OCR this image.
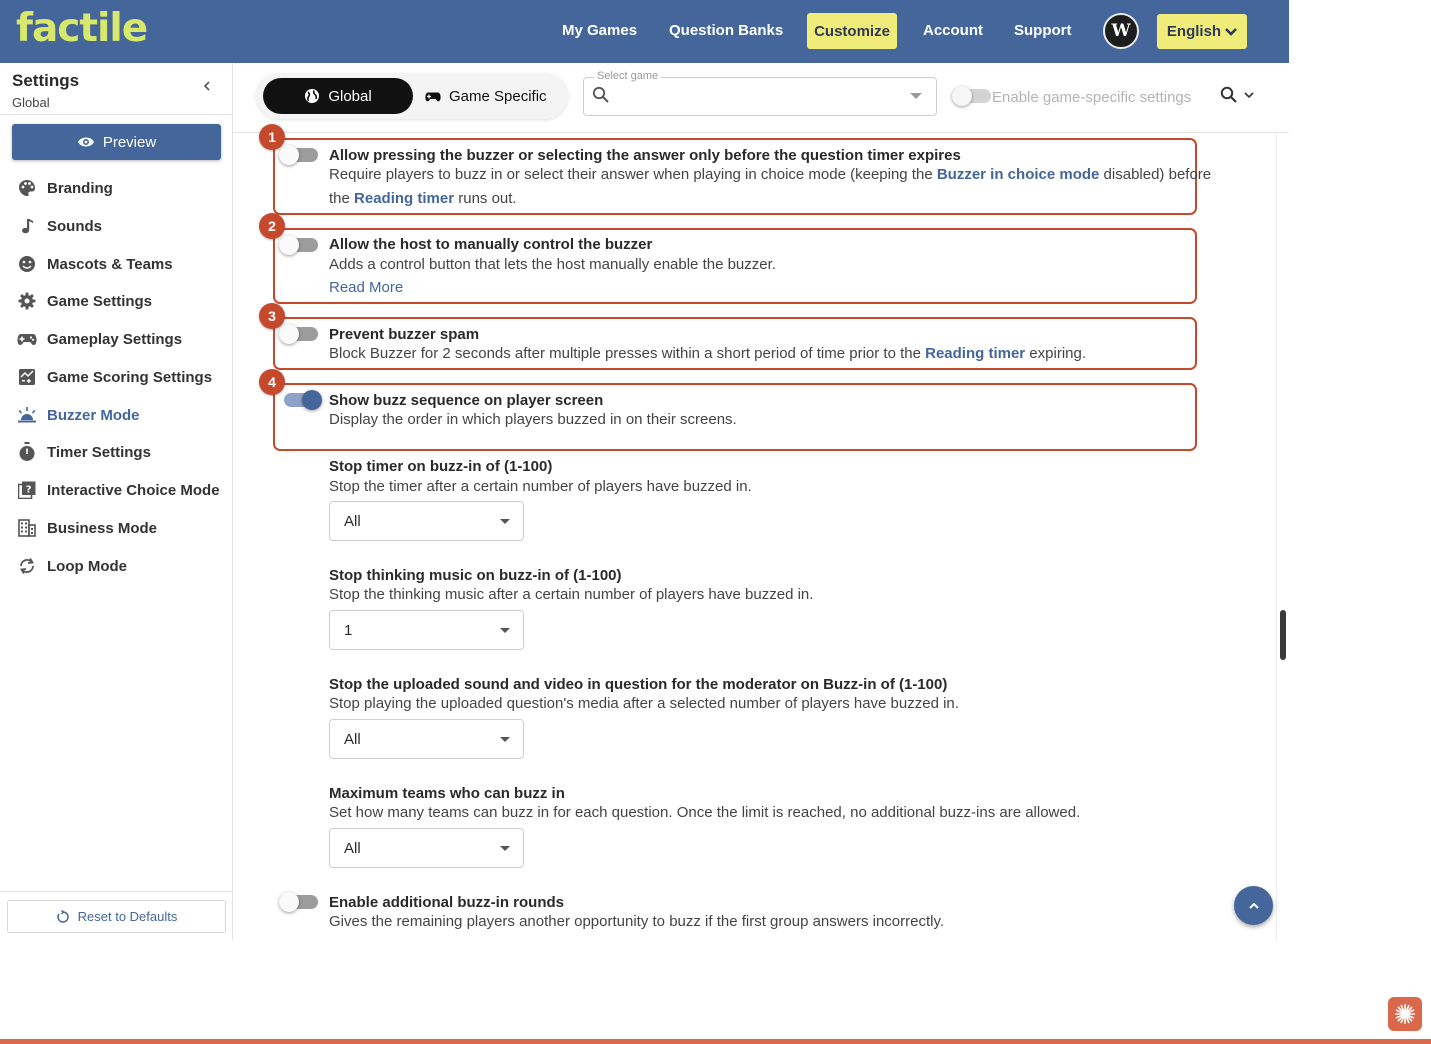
factile	My Games Question Banks	Customize	Account Support	W	English
Settings
Global
Preview
Branding
Sounds
Mascots & Teams
Game Settings
Gameplay Settings
Game Scoring Settings
Buzzer Mode
Timer Settings
? Interactive Choice Mode
Business Mode
Loop Mode
Reset to Defaults
Global	Game Specific
Select game
Enable game-specific settings
1
Allow pressing the buzzer or selecting the answer only before the question timer expires
Require players to buzz in or select their answer when playing in choice mode (keeping the Buzzer in choice mode disabled) before
the Reading timer runs out.
2
Allow the host to manually control the buzzer
Adds a control button that lets the host manually enable the buzzer.
Read More
3
Prevent buzzer spam
Block Buzzer for 2 seconds after multiple presses within a short period of time prior to the Reading timer expiring.
4
Show buzz sequence on player screen
Display the order in which players buzzed in on their screens.
Stop timer on buzz-in of (1-100)
Stop the timer after a certain number of players have buzzed in.
All
Stop thinking music on buzz-in of (1-100)
Stop the thinking music after a certain number of players have buzzed in.
1
Stop the uploaded sound and video in question for the moderator on Buzz-in of (1-100)
Stop playing the uploaded question's media after a selected number of players have buzzed in.
All
Maximum teams who can buzz in
Set how many teams can buzz in for each question. Once the limit is reached, no additional buzz-ins are allowed.
All
Enable additional buzz-in rounds
Gives the remaining players another opportunity to buzz if the first group answers incorrectly.
